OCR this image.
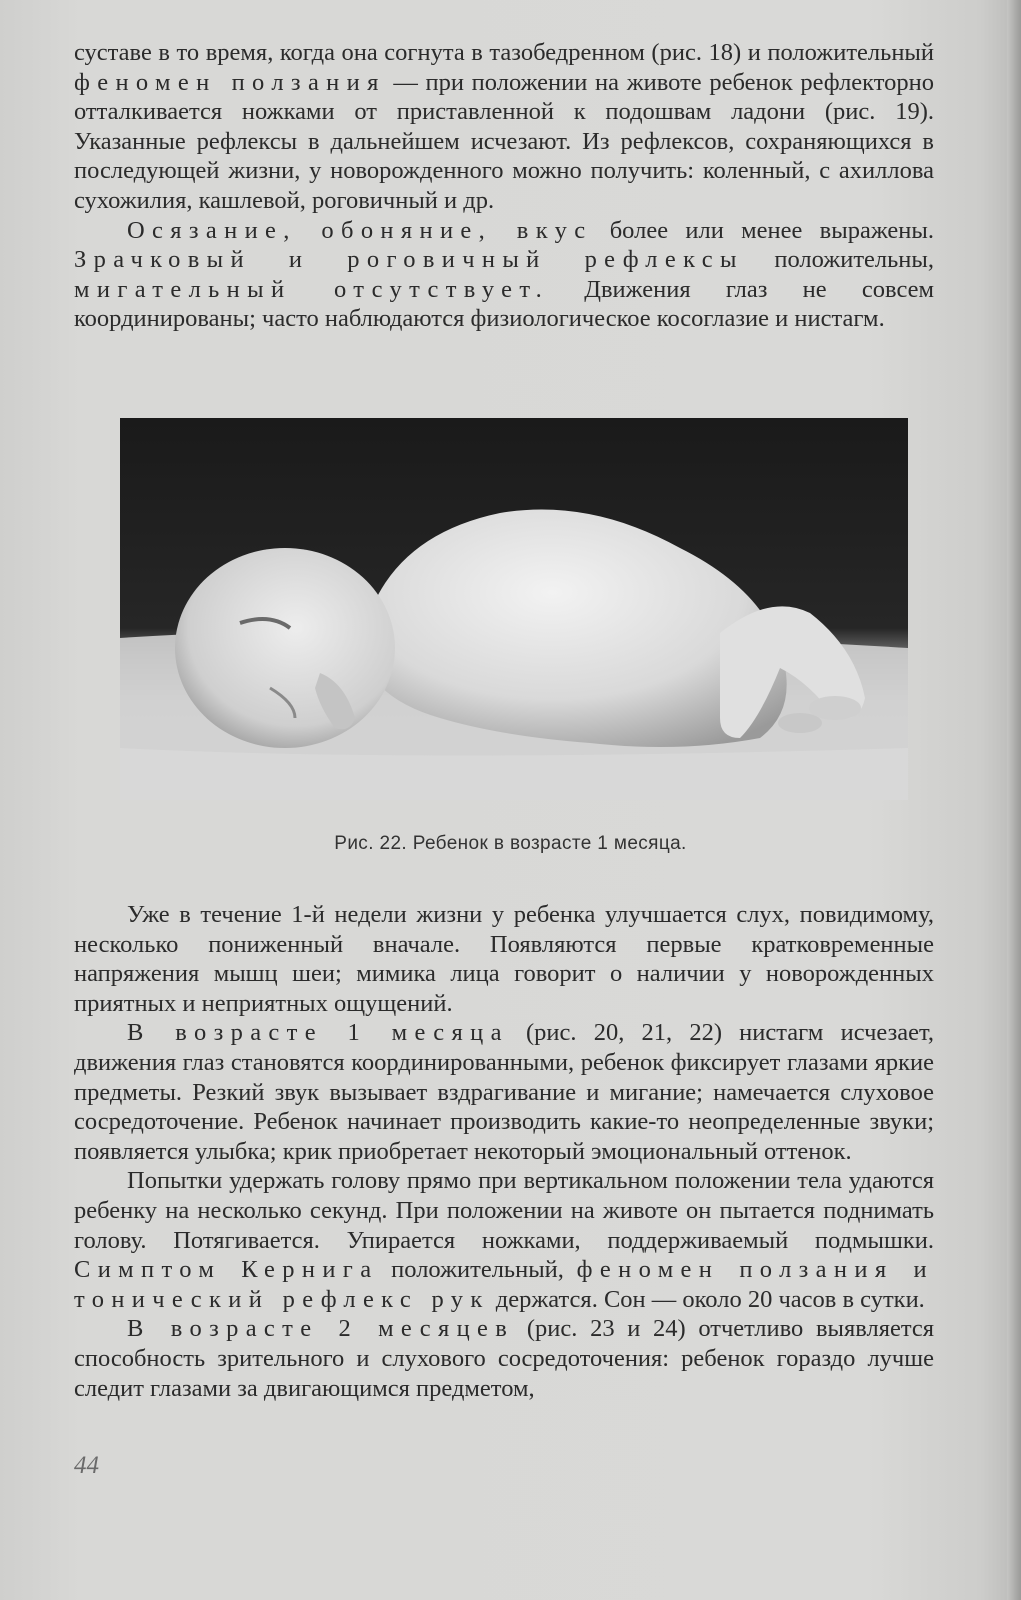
суставе в то время, когда она согнута в тазобедренном (рис. 18) и положительный феномен ползания — при положении на животе ребенок рефлекторно отталкивается ножками от приставленной к подошвам ладони (рис. 19). Указанные рефлексы в дальнейшем исчезают. Из рефлексов, сохраняющихся в последующей жизни, у новорожденного можно получить: коленный, с ахиллова сухожилия, кашлевой, роговичный и др.

Осязание, обоняние, вкус более или менее выражены. Зрачковый и роговичный рефлексы положительны, мигательный отсутствует. Движения глаз не совсем координированы; часто наблюдаются физиологическое косоглазие и нистагм.

Рис. 22. Ребенок в возрасте 1 месяца.

Уже в течение 1-й недели жизни у ребенка улучшается слух, повидимому, несколько пониженный вначале. Появляются первые кратковременные напряжения мышц шеи; мимика лица говорит о наличии у новорожденных приятных и неприятных ощущений.

В возрасте 1 месяца (рис. 20, 21, 22) нистагм исчезает, движения глаз становятся координированными, ребенок фиксирует глазами яркие предметы. Резкий звук вызывает вздрагивание и мигание; намечается слуховое сосредоточение. Ребенок начинает производить какие-то неопределенные звуки; появляется улыбка; крик приобретает некоторый эмоциональный оттенок.

Попытки удержать голову прямо при вертикальном положении тела удаются ребенку на несколько секунд. При положении на животе он пытается поднимать голову. Потягивается. Упирается ножками, поддерживаемый подмышки. Симптом Кернига положительный, феномен ползания и тонический рефлекс рук держатся. Сон — около 20 часов в сутки.

В возрасте 2 месяцев (рис. 23 и 24) отчетливо выявляется способность зрительного и слухового сосредоточения: ребенок гораздо лучше следит глазами за двигающимся предметом,

44
